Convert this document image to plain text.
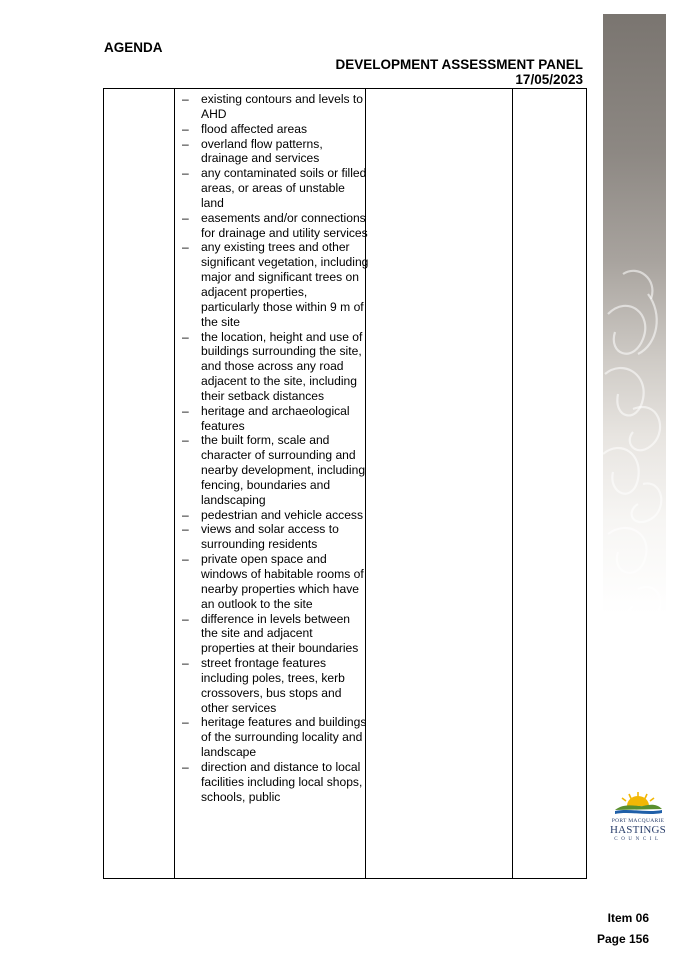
AGENDA
DEVELOPMENT ASSESSMENT PANEL
17/05/2023
– existing contours and levels to AHD
– flood affected areas
– overland flow patterns, drainage and services
– any contaminated soils or filled areas, or areas of unstable land
– easements and/or connections for drainage and utility services
– any existing trees and other significant vegetation, including major and significant trees on adjacent properties, particularly those within 9 m of the site
– the location, height and use of buildings surrounding the site, and those across any road adjacent to the site, including their setback distances
– heritage and archaeological features
– the built form, scale and character of surrounding and nearby development, including fencing, boundaries and landscaping
– pedestrian and vehicle access
– views and solar access to surrounding residents
– private open space and windows of habitable rooms of nearby properties which have an outlook to the site
– difference in levels between the site and adjacent properties at their boundaries
– street frontage features including poles, trees, kerb crossovers, bus stops and other services
– heritage features and buildings of the surrounding locality and landscape
– direction and distance to local facilities including local shops, schools, public
PORT MACQUARIE
HASTINGS
COUNCIL
Item 06
Page 156
